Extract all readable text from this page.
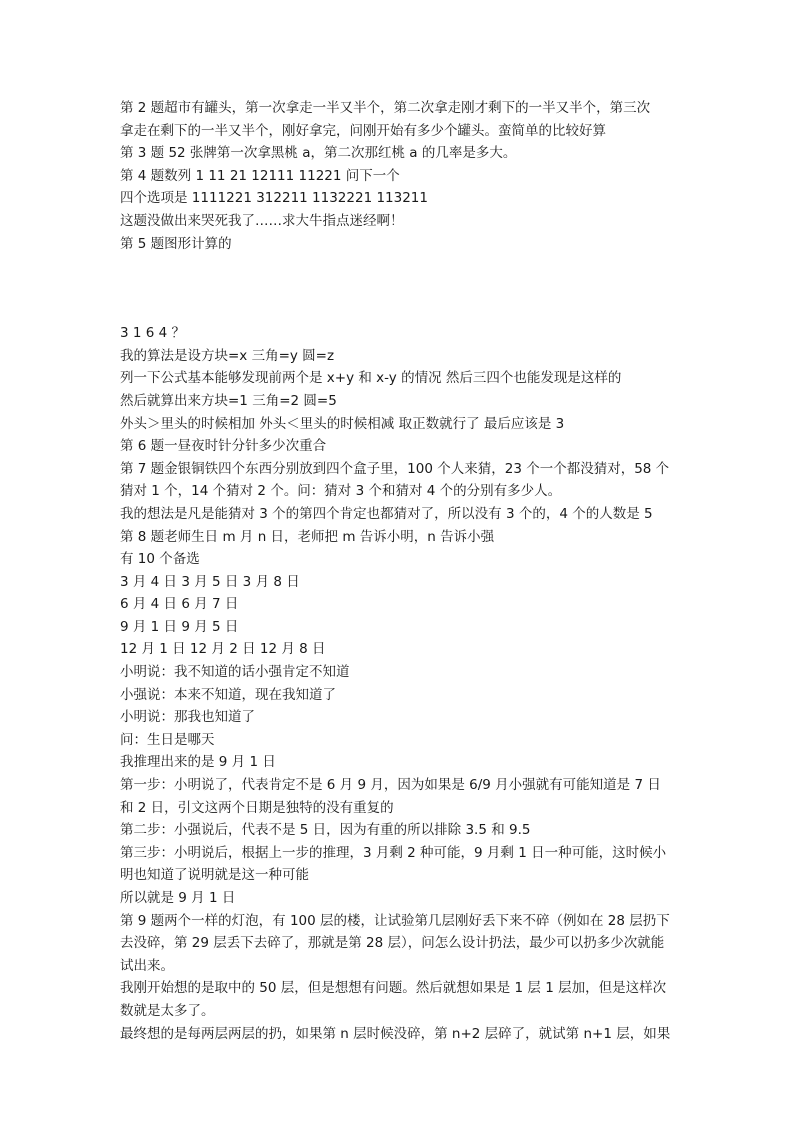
第 2 题超市有罐头，第一次拿走一半又半个，第二次拿走刚才剩下的一半又半个，第三次
拿走在剩下的一半又半个，刚好拿完，问刚开始有多少个罐头。蛮简单的比较好算
第 3 题 52 张牌第一次拿黑桃 a，第二次那红桃 a 的几率是多大。
第 4 题数列 1 11 21 12111 11221 问下一个
四个选项是 1111221 312211 1132221 113211
这题没做出来哭死我了……求大牛指点迷经啊！
第 5 题图形计算的
3 1 6 4 ？
我的算法是设方块=x 三角=y 圆=z
列一下公式基本能够发现前两个是 x+y 和 x-y 的情况 然后三四个也能发现是这样的
然后就算出来方块=1 三角=2 圆=5
外头＞里头的时候相加 外头＜里头的时候相减 取正数就行了 最后应该是 3
第 6 题一昼夜时针分针多少次重合
第 7 题金银铜铁四个东西分别放到四个盒子里，100 个人来猜，23 个一个都没猜对，58 个
猜对 1 个，14 个猜对 2 个。问：猜对 3 个和猜对 4 个的分别有多少人。
我的想法是凡是能猜对 3 个的第四个肯定也都猜对了，所以没有 3 个的，4 个的人数是 5
第 8 题老师生日 m 月 n 日，老师把 m 告诉小明，n 告诉小强
有 10 个备选
3 月 4 日 3 月 5 日 3 月 8 日
6 月 4 日 6 月 7 日
9 月 1 日 9 月 5 日
12 月 1 日 12 月 2 日 12 月 8 日
小明说：我不知道的话小强肯定不知道
小强说：本来不知道，现在我知道了
小明说：那我也知道了
问：生日是哪天
我推理出来的是 9 月 1 日
第一步：小明说了，代表肯定不是 6 月 9 月，因为如果是 6/9 月小强就有可能知道是 7 日
和 2 日，引文这两个日期是独特的没有重复的
第二步：小强说后，代表不是 5 日，因为有重的所以排除 3.5 和 9.5
第三步：小明说后，根据上一步的推理，3 月剩 2 种可能，9 月剩 1 日一种可能，这时候小
明也知道了说明就是这一种可能
所以就是 9 月 1 日
第 9 题两个一样的灯泡，有 100 层的楼，让试验第几层刚好丢下来不碎（例如在 28 层扔下
去没碎，第 29 层丢下去碎了，那就是第 28 层），问怎么设计扔法，最少可以扔多少次就能
试出来。
我刚开始想的是取中的 50 层，但是想想有问题。然后就想如果是 1 层 1 层加，但是这样次
数就是太多了。
最终想的是每两层两层的扔，如果第 n 层时候没碎，第 n+2 层碎了，就试第 n+1 层，如果
